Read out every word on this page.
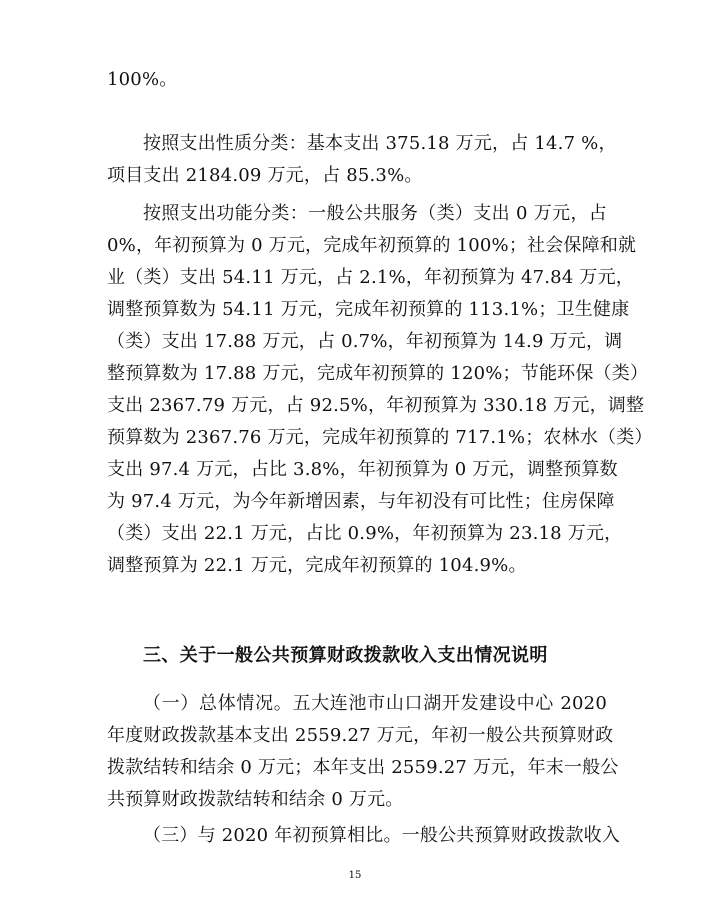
100%。
按照支出性质分类：基本支出 375.18 万元，占 14.7 %，
项目支出 2184.09 万元，占 85.3%。
按照支出功能分类：一般公共服务（类）支出 0 万元，占
0%，年初预算为 0 万元，完成年初预算的 100%；社会保障和就
业（类）支出 54.11 万元，占 2.1%，年初预算为 47.84 万元，
调整预算数为 54.11 万元，完成年初预算的 113.1%；卫生健康
（类）支出 17.88 万元，占 0.7%，年初预算为 14.9 万元，调
整预算数为 17.88 万元，完成年初预算的 120%；节能环保（类）
支出 2367.79 万元，占 92.5%，年初预算为 330.18 万元，调整
预算数为 2367.76 万元，完成年初预算的 717.1%；农林水（类）
支出 97.4 万元，占比 3.8%，年初预算为 0 万元，调整预算数
为 97.4 万元，为今年新增因素，与年初没有可比性；住房保障
（类）支出 22.1 万元，占比 0.9%，年初预算为 23.18 万元，
调整预算为 22.1 万元，完成年初预算的 104.9%。
三、关于一般公共预算财政拨款收入支出情况说明
（一）总体情况。五大连池市山口湖开发建设中心 2020
年度财政拨款基本支出 2559.27 万元，年初一般公共预算财政
拨款结转和结余 0 万元；本年支出 2559.27 万元，年末一般公
共预算财政拨款结转和结余 0 万元。
（三）与 2020 年初预算相比。一般公共预算财政拨款收入
15
